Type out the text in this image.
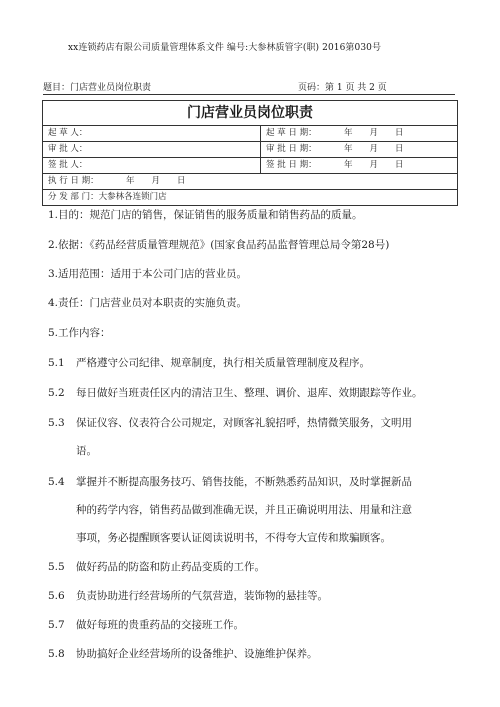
xx连锁药店有限公司质量管理体系文件 编号:大参林质管字(职) 2016第030号
题目：门店营业员岗位职责	页码：第 1 页 共 2 页
门店营业员岗位职责
起 草 人：	起 草 日 期：	年　　月　　日
审 批 人：	审 批 日 期：	年　　月　　日
签 批 人：	签 批 日 期：	年　　月　　日
执 行 日 期：	年　　月　　日
分 发 部 门：大参林各连锁门店
1.目的：规范门店的销售，保证销售的服务质量和销售药品的质量。
2.依据：《药品经营质量管理规范》(国家食品药品监督管理总局令第28号)
3.适用范围：适用于本公司门店的营业员。
4.责任：门店营业员对本职责的实施负责。
5.工作内容：
5.1 严格遵守公司纪律、规章制度，执行相关质量管理制度及程序。
5.2 每日做好当班责任区内的清洁卫生、整理、调价、退库、效期跟踪等作业。
5.3 保证仪容、仪表符合公司规定，对顾客礼貌招呼，热情微笑服务，文明用
语。
5.4 掌握并不断提高服务技巧、销售技能，不断熟悉药品知识，及时掌握新品
种的药学内容，销售药品做到准确无误，并且正确说明用法、用量和注意
事项，务必提醒顾客要认证阅读说明书，不得夸大宣传和欺骗顾客。
5.5 做好药品的防盗和防止药品变质的工作。
5.6 负责协助进行经营场所的气氛营造，装饰物的悬挂等。
5.7 做好每班的贵重药品的交接班工作。
5.8 协助搞好企业经营场所的设备维护、设施维护保养。
